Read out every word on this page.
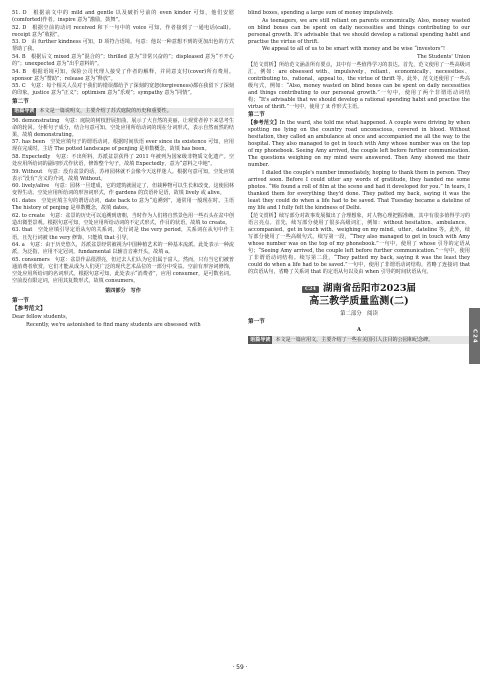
51. D　根据前文中的 mild and gentle 以及破折号前的 even kinder 可知，他们安慰(comforted)作者。inspire 意为“激励，鼓舞”。

52. D　根据空前的动词 received 和下一句中的 voice 可知，作者接到了一通电话(call)。receipt 意为“收据”。

53. D　由 further kindness 可知，D 项符合语境。句意：他以一种意想不到的更加出色的方式帮助了我。

54. B　根据后文 mixed 意为“混合的”；thrilled 意为“非常兴奋的”；displeased 意为“不开心的”；unexpected 意为“出乎意料的”。

54. B　根据语境可知，保险公司代理人接受了作者的解释，并同意支付(cover)所有费用。sponsor 意为“赞助”；release 意为“释放”。

55. C　句意：每个相关人员对于我们的错误都给予了深刻的宽恕(forgiveness)都在我留下了深刻的印象。justice 意为“正义”；optimism 意为“乐观”；sympathy 意为“同情”。

第二节
语篇导读 本文是一篇说明文，主要介绍了苏式庭院的历史和重要性。

56. demonstrating　句意：庭院的树枝舒展扭曲，展示了大自然的美丽，让观赏者停下来思考生命的轮回。分析句子成分，结合句意可知，空处应用所给动词的现在分词形式，表示自然而然的结果，故填 demonstrating。

57. has been　空处应填句子的谓语动词。根据时间状语 ever since its existence 可知，应用现在完成时。主语 The potted landscape of penjing 是单数概念，故填 has been。

58. Expectedly　句意：不出所料，苏派盆景获得了 2011 年被列为国家级非物质文化遗产。空处应用所给词的副词形式作状语，修饰整个句子，故填 Expectedly，意为“意料之中地”。

59. Without　句意：没有盆景的话，苏州园林就不会像今天这样迷人。根据句意可知，空处应填表示“没有”含义的介词，故填 Without。

60. lively/alive　句意：园林一旦建成，它的建筑就固定了，但栽种物可以生长和改变，这使园林变得生动。空处应用所给词的形容词形式，作 gardens 的宾语补足语，故填 lively 或 alive。

61. dates　空处应填主句的谓语动词，date back to 意为“追溯到”，通常用一般现在时。主语 The history of penjing 是单数概念，故填 dates。

62. to create　句意：盆景的历史可以追溯到唐朝，当时作为人们将自然景色用一些石头在盆中创造出微型景观。根据句意可知，空处应用所给动词的不定式形式，作目的状语，故填 to create。

63. that　空处应填引导定语从句的关系词，先行词是 the very period，关系词在从句中作主语，且先行词被 the very 修饰，只能填 that 引导。

64. a　句意：由于历史悠久，苏派盆景经常被视为中国种植艺术的一种基本流派。此处表示一种流派，为泛指，应用不定冠词。fundamental 以辅音音素开头，故填 a。

65. consumers　句意：盆景作品很漂亮，但过去人们认为它们属于富人。然而，只有当它们被普通消费者欣赏，它们才能从成为人们更广泛的现代艺术品位的一部分中受益。空前有形容词修饰，空处应用所给词的名词形式。根据句意可知，此处表示“消费者”，应用 consumer，是可数名词。空前没有限定词，应用其复数形式，故填 consumers。

第四部分　写作
第一节
【参考范文】

Dear fellow students,

Recently, we're astonished to find many students are obsessed with

blind boxes, spending a large sum of money impulsively.

As teenagers, we are still reliant on parents economically. Also, money wasted on blind boxes can be spent on daily necessities and things contributing to our personal growth. It's advisable that we should develop a rational spending habit and practise the virtue of thrift.

We appeal to all of us to be smart with money and be wise “investors”!

The Students' Union

【范文赏析】所给范文涵盖所有要点，其中有一些值得学习的表达。首先，范文使用了一些高级词汇，例如：are obsessed with、impulsively、reliant、economically、necessities、contributing to、rational、appeal to、the virtue of thrift 等。此外，范文还使用了一些高级句式，例如：“Also, money wasted on blind boxes can be spent on daily necessities and things contributing to our personal growth.”一句中，使用了两个非谓语动词结构；“It's advisable that we should develop a rational spending habit and practise the virtue of thrift.”一句中，使用了 it 作形式主语。

第二节

【参考范文】In the ward, she told me what happened. A couple were driving by when spotting me lying on the country road unconscious, covered in blood. Without hesitation, they called an ambulance at once and accompanied me all the way to the hospital. They also managed to get in touch with Amy whose number was on the top of my phonebook. Seeing Amy arrived, the couple left before further communication. The questions weighing on my mind were answered. Then Amy showed me their number.

I dialed the couple's number immediately, hoping to thank them in person. They arrived soon. Before I could utter any words of gratitude, they handed me some photos. “We found a roll of film at the scene and had it developed for you.” In tears, I thanked them for everything they'd done. They patted my back, saying it was the least they could do when a life had to be saved. That Tuesday became a dateline of my life and I fully felt the kindness of Delhi.

【范文赏析】续写部分对故事发展做出了合理想象，对人物心理把握准确，其中有很多值得学习的语言亮点。首先，续写部分使用了很多高级词汇，例如：without hesitation、ambulance、accompanied、get in touch with、weighing on my mind、utter、dateline 等。此外，续写部分使用了一些高级句式。续写第一段，“They also managed to get in touch with Amy whose number was on the top of my phonebook.”一句中，使用了 whose 引导的定语从句；“Seeing Amy arrived, the couple left before further communication.”一句中，使用了非谓语动词结构。续写第二段，“They patted my back, saying it was the least they could do when a life had to be saved.”一句中，使用了非谓语动词结构，省略了连接词 that 的宾语从句，省略了关系词 that 的定语从句以及由 when 引导的时间状语从句。

C24 湖南省岳阳市2023届
高三教学质量监测(二)
第二部分　阅读
第一节
A
语篇导读 本文是一篇应用文，主要介绍了一些在美国引人注目的公园和纪念碑。	C24
· 59 ·
